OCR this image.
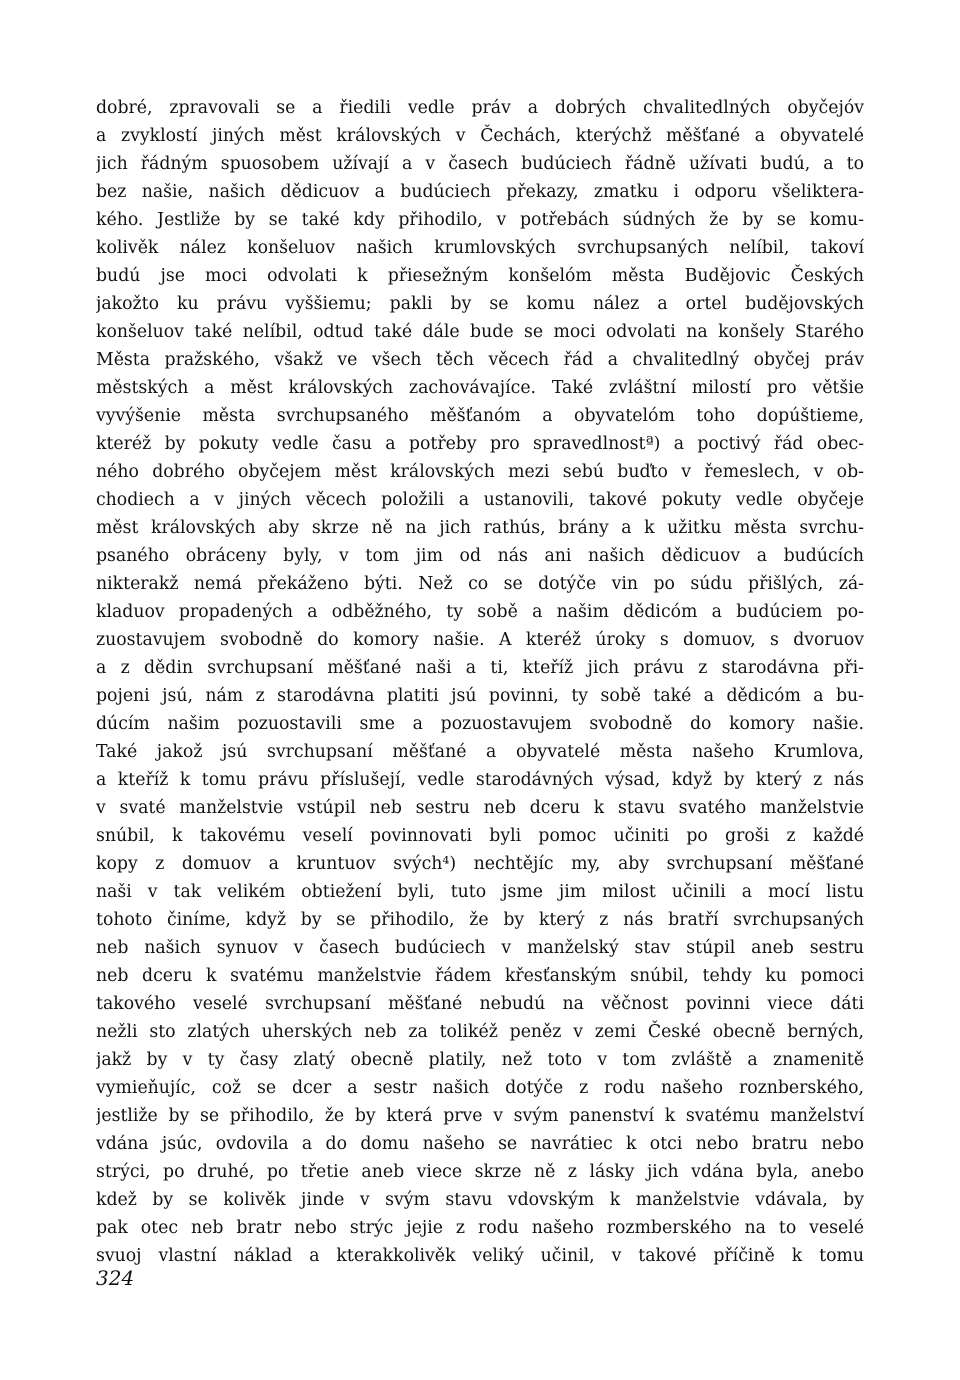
dobré, zpravovali se a řiedili vedle práv a dobrých chvalitedlných obyčejóv
a zvyklostí jiných měst královských v Čechách, kterýchž měšťané a obyvatelé
jich řádným spuosobem užívají a v časech budúciech řádně užívati budú, a to
bez našie, našich dědicuov a budúciech překazy, zmatku i odporu všelikterа-
kého. Jestliže by se také kdy přihodilo, v potřebách súdných že by se komu-
kolivěk nález konšeluov našich krumlovských svrchupsaných nelíbil, takoví
budú jse moci odvolati k přiesežným konšelóm města Budějovic Českých
jakožto ku právu vyššiemu; pakli by se komu nález a ortel budějovských
konšeluov také nelíbil, odtud také dále bude se moci odvolati na konšely Starého
Města pražského, všakž ve všech těch věcech řád a chvalitedlný obyčej práv
městských a měst královských zachovávajíce. Také zvláštní milostí pro většie
vyvýšenie města svrchupsaného měšťanóm a obyvatelóm toho dopúštieme,
kteréž by pokuty vedle času a potřeby pro spravedlnostª) a poctivý řád obec-
ného dobrého obyčejem měst královských mezi sebú buďto v řemeslech, v ob-
chodiech a v jiných věcech položili a ustanovili, takové pokuty vedle obyčeje
měst královských aby skrze ně na jich rathús, brány a k užitku města svrchu-
psaného obráceny byly, v tom jim od nás ani našich dědicuov a budúcích
nikterakž nemá překáženo býti. Než co se dotýče vin po súdu přišlých, zá-
kladuov propadených a odběžného, ty sobě a našim dědicóm a budúciem po-
zuostavujem svobodně do komory našie. A kteréž úroky s domuov, s dvoruov
a z dědin svrchupsaní měšťané naši a ti, kteříž jich právu z starodávna při-
pojeni jsú, nám z starodávna platiti jsú povinni, ty sobě také a dědicóm a bu-
dúcím našim pozuostavili sme a pozuostavujem svobodně do komory našie.
Také jakož jsú svrchupsaní měšťané a obyvatelé města našeho Krumlova,
a kteříž k tomu právu příslušejí, vedle starodávných výsad, když by který z nás
v svaté manželstvie vstúpil neb sestru neb dceru k stavu svatého manželstvie
snúbil, k takovému veselí povinnovati byli pomoc učiniti po groši z každé
kopy z domuov a kruntuov svých⁴) nechtějíc my, aby svrchupsaní měšťané
naši v tak velikém obtiežení byli, tuto jsme jim milost učinili a mocí listu
tohoto činíme, když by se přihodilo, že by který z nás bratří svrchupsaných
neb našich synuov v časech budúciech v manželský stav stúpil aneb sestru
neb dceru k svatému manželstvie řádem křesťanským snúbil, tehdy ku pomoci
takového veselé svrchupsaní měšťané nebudú na věčnost povinni viece dáti
nežli sto zlatých uherských neb za tolikéž peněz v zemi České obecně berných,
jakž by v ty časy zlatý obecně platily, než toto v tom zvláště a znamenitě
vymieňujíc, což se dcer a sestr našich dotýče z rodu našeho roznberského,
jestliže by se přihodilo, že by která prve v svým panenství k svatému manželství
vdána jsúc, ovdovila a do domu našeho se navrátiec k otci nebo bratru nebo
strýci, po druhé, po třetie aneb viece skrze ně z lásky jich vdána byla, anebo
kdež by se kolivěk jinde v svým stavu vdovským k manželstvie vdávala, by
pak otec neb bratr nebo strýc jejie z rodu našeho rozmberského na to veselé
svuoj vlastní náklad a kterakkolivěk veliký učinil, v takové příčině k tomu
324
